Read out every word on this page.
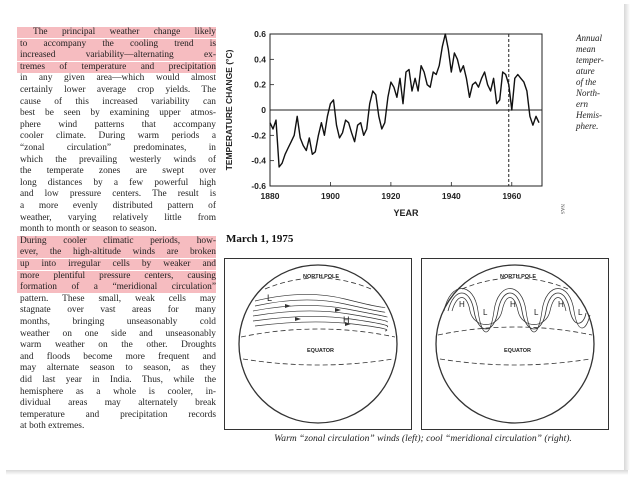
The principal weather change likely
to accompany the cooling trend is
increased variability—alternating ex-
tremes of temperature and precipitation
in any given area—which would almost
certainly lower average crop yields. The
cause of this increased variability can
best be seen by examining upper atmos-
phere wind patterns that accompany
cooler climate. During warm periods a
“zonal circulation” predominates, in
which the prevailing westerly winds of
the temperate zones are swept over
long distances by a few powerful high
and low pressure centers. The result is
a more evenly distributed pattern of
weather, varying relatively little from
month to month or season to season.
During cooler climatic periods, how-
ever, the high-altitude winds are broken
up into irregular cells by weaker and
more plentiful pressure centers, causing
formation of a “meridional circulation”
pattern. These small, weak cells may
stagnate over vast areas for many
months, bringing unseasonably cold
weather on one side and unseasonably
warm weather on the other. Droughts
and floods become more frequent and
may alternate season to season, as they
did last year in India. Thus, while the
hemisphere as a whole is cooler, in-
dividual areas may alternately break
temperature and precipitation records
at both extremes.
-0.6
-0.4
-0.2
0
0.2
0.4
0.6
1880	1900	1920	1940	1960
YEAR
TEMPERATURE CHANGE (°C)
Annual
mean
temper-
ature
of the
North-
ern
Hemis-
phere.
NAS
March 1, 1975
NORTH POLE
L
H
EQUATOR
NORTH POLE
H
L
H
L
H
L
EQUATOR
Warm “zonal circulation” winds (left); cool “meridional circulation” (right).
